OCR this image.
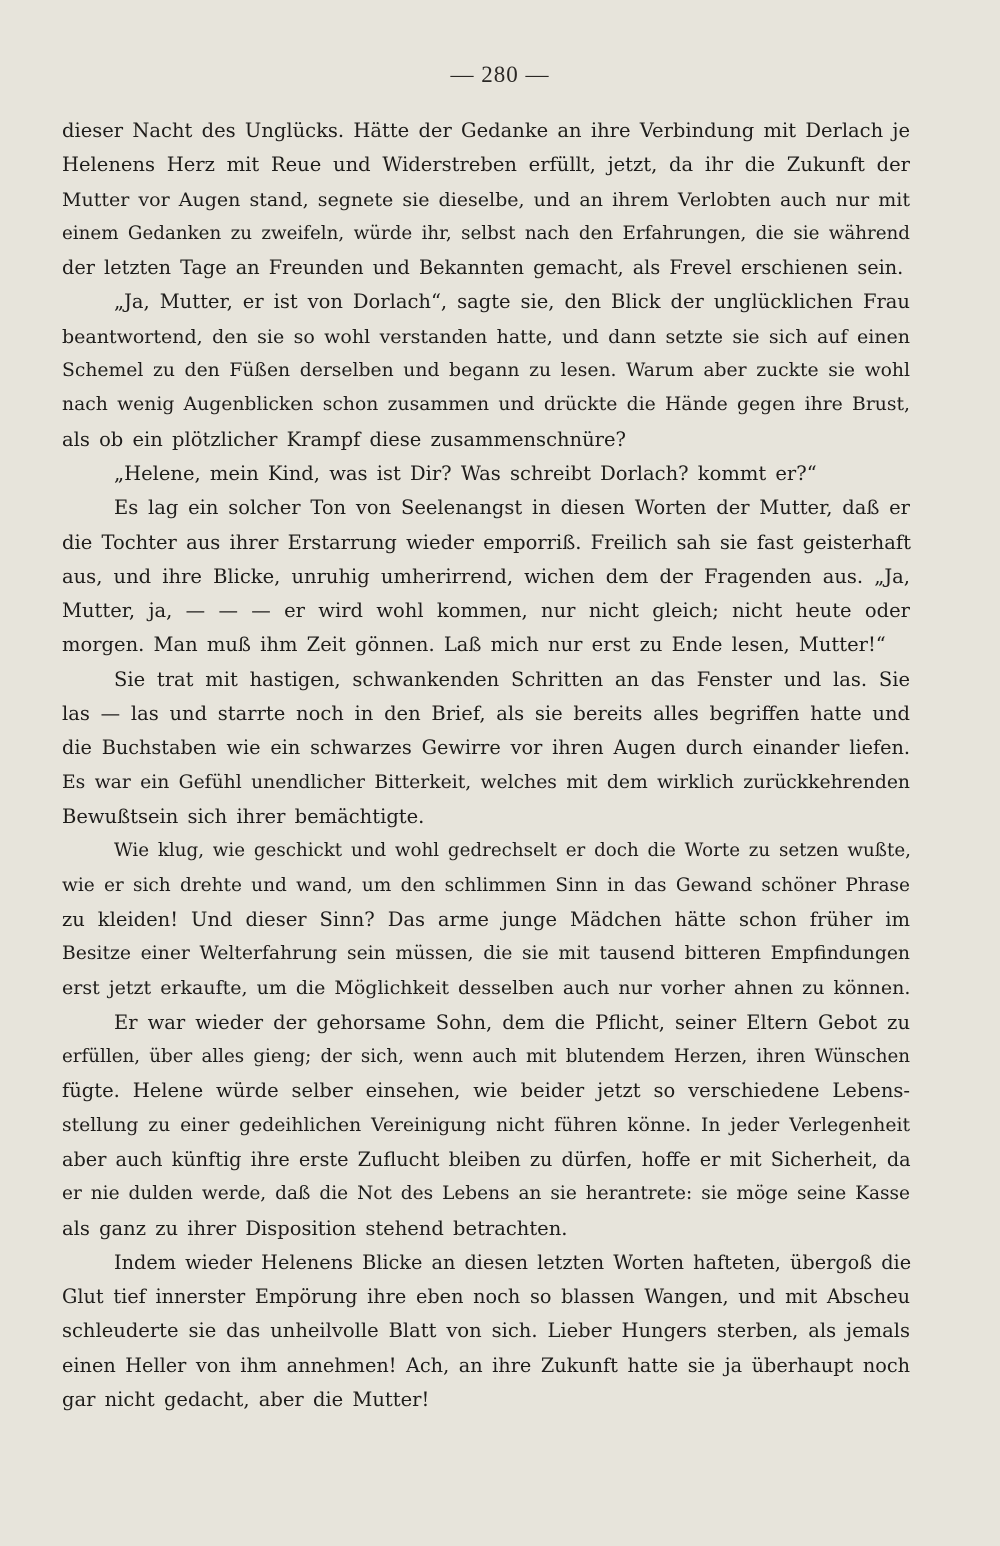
— 280 —
dieser Nacht des Unglücks. Hätte der Gedanke an ihre Verbindung mit Derlach je
Helenens Herz mit Reue und Widerstreben erfüllt, jetzt, da ihr die Zukunft der
Mutter vor Augen stand, segnete sie dieselbe, und an ihrem Verlobten auch nur mit
einem Gedanken zu zweifeln, würde ihr, selbst nach den Erfahrungen, die sie während
der letzten Tage an Freunden und Bekannten gemacht, als Frevel erschienen sein.
„Ja, Mutter, er ist von Dorlach“, sagte sie, den Blick der unglücklichen Frau
beantwortend, den sie so wohl verstanden hatte, und dann setzte sie sich auf einen
Schemel zu den Füßen derselben und begann zu lesen. Warum aber zuckte sie wohl
nach wenig Augenblicken schon zusammen und drückte die Hände gegen ihre Brust,
als ob ein plötzlicher Krampf diese zusammenschnüre?
„Helene, mein Kind, was ist Dir? Was schreibt Dorlach? kommt er?“
Es lag ein solcher Ton von Seelenangst in diesen Worten der Mutter, daß er
die Tochter aus ihrer Erstarrung wieder emporriß. Freilich sah sie fast geisterhaft
aus, und ihre Blicke, unruhig umherirrend, wichen dem der Fragenden aus. „Ja,
Mutter, ja, — — — er wird wohl kommen, nur nicht gleich; nicht heute oder
morgen. Man muß ihm Zeit gönnen. Laß mich nur erst zu Ende lesen, Mutter!“
Sie trat mit hastigen, schwankenden Schritten an das Fenster und las. Sie
las — las und starrte noch in den Brief, als sie bereits alles begriffen hatte und
die Buchstaben wie ein schwarzes Gewirre vor ihren Augen durch einander liefen.
Es war ein Gefühl unendlicher Bitterkeit, welches mit dem wirklich zurückkehrenden
Bewußtsein sich ihrer bemächtigte.
Wie klug, wie geschickt und wohl gedrechselt er doch die Worte zu setzen wußte,
wie er sich drehte und wand, um den schlimmen Sinn in das Gewand schöner Phrase
zu kleiden! Und dieser Sinn? Das arme junge Mädchen hätte schon früher im
Besitze einer Welterfahrung sein müssen, die sie mit tausend bitteren Empfindungen
erst jetzt erkaufte, um die Möglichkeit desselben auch nur vorher ahnen zu können.
Er war wieder der gehorsame Sohn, dem die Pflicht, seiner Eltern Gebot zu
erfüllen, über alles gieng; der sich, wenn auch mit blutendem Herzen, ihren Wünschen
fügte. Helene würde selber einsehen, wie beider jetzt so verschiedene Lebens-
stellung zu einer gedeihlichen Vereinigung nicht führen könne. In jeder Verlegenheit
aber auch künftig ihre erste Zuflucht bleiben zu dürfen, hoffe er mit Sicherheit, da
er nie dulden werde, daß die Not des Lebens an sie herantrete: sie möge seine Kasse
als ganz zu ihrer Disposition stehend betrachten.
Indem wieder Helenens Blicke an diesen letzten Worten hafteten, übergoß die
Glut tief innerster Empörung ihre eben noch so blassen Wangen, und mit Abscheu
schleuderte sie das unheilvolle Blatt von sich. Lieber Hungers sterben, als jemals
einen Heller von ihm annehmen! Ach, an ihre Zukunft hatte sie ja überhaupt noch
gar nicht gedacht, aber die Mutter!
